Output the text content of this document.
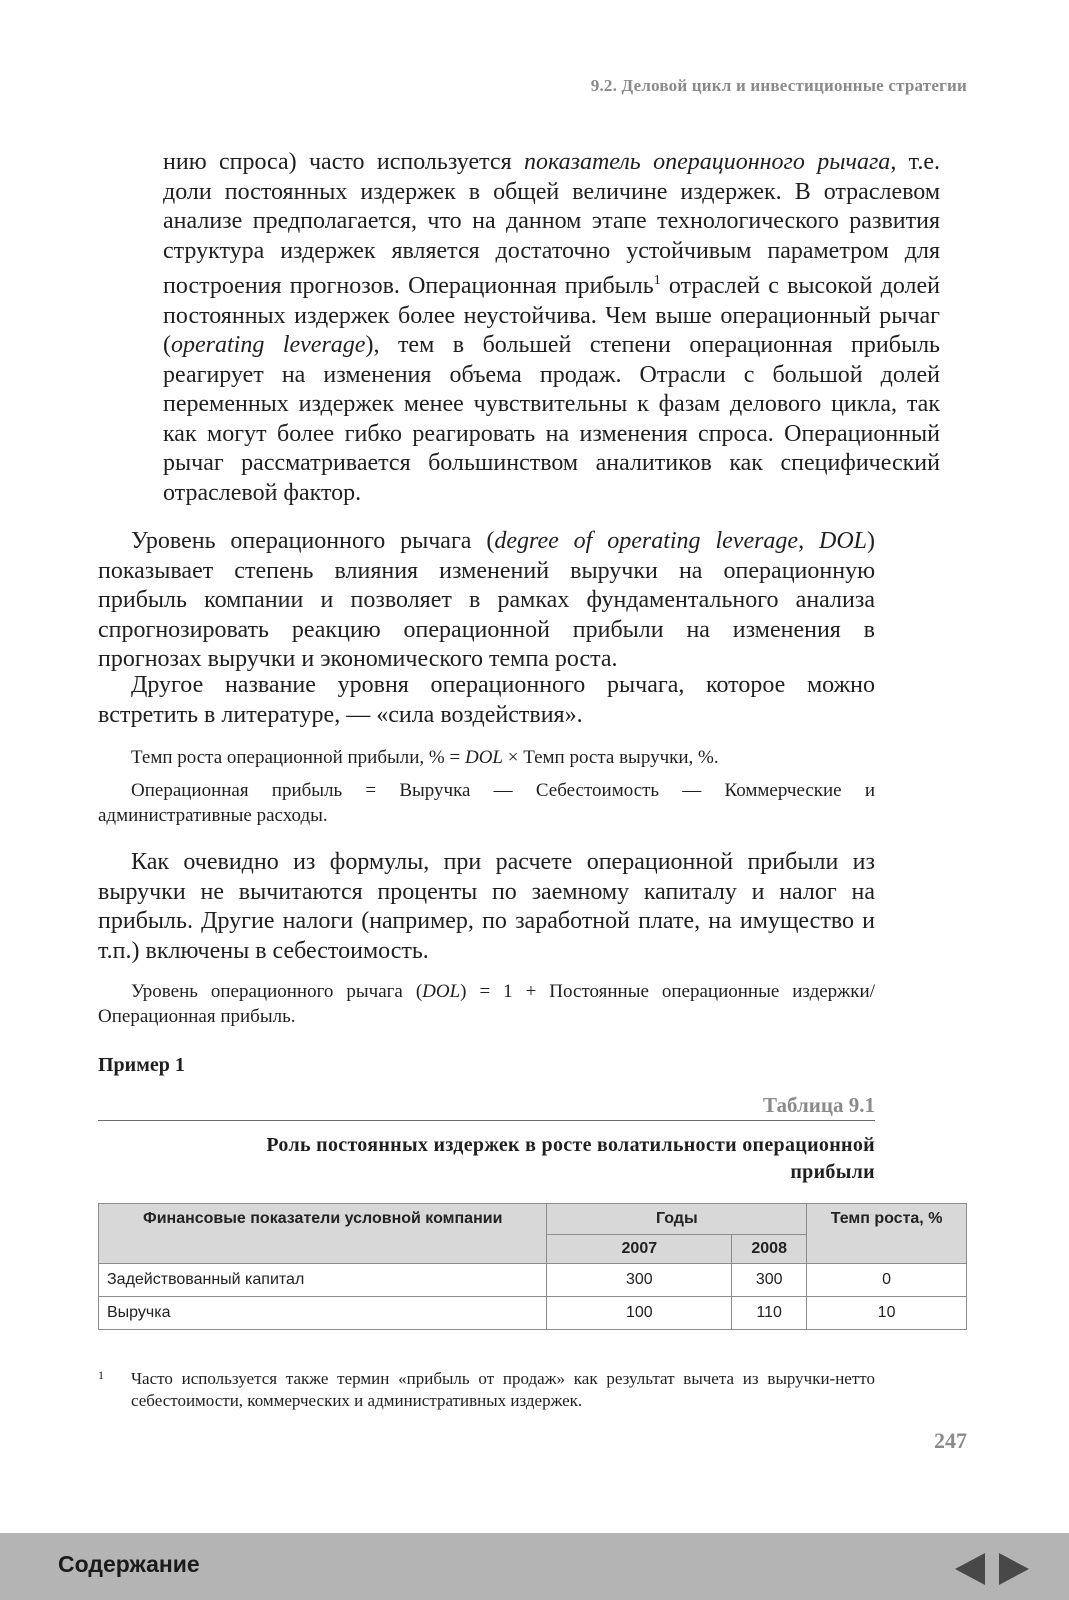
9.2. Деловой цикл и инвестиционные стратегии

нию спроса) часто используется показатель операционного рычага, т.е. доли постоянных издержек в общей величине издержек. В отраслевом анализе предполагается, что на данном этапе технологического развития структура издержек является достаточно устойчивым параметром для построения прогнозов. Операционная прибыль$^1$ отраслей с высокой долей постоянных издержек более неустойчива. Чем выше операционный рычаг (operating leverage), тем в большей степени операционная прибыль реагирует на изменения объема продаж. Отрасли с большой долей переменных издержек менее чувствительны к фазам делового цикла, так как могут более гибко реагировать на изменения спроса. Операционный рычаг рассматривается большинством аналитиков как специфический отраслевой фактор.

Уровень операционного рычага (degree of operating leverage, DOL) показывает степень влияния изменений выручки на операционную прибыль компании и позволяет в рамках фундаментального анализа спрогнозировать реакцию операционной прибыли на изменения в прогнозах выручки и экономического темпа роста.

Другое название уровня операционного рычага, которое можно встретить в литературе, — «сила воздействия».

Темп роста операционной прибыли, % = DOL × Темп роста выручки, %.
Операционная прибыль = Выручка — Себестоимость — Коммерческие и административные расходы.

Как очевидно из формулы, при расчете операционной прибыли из выручки не вычитаются проценты по заемному капиталу и налог на прибыль. Другие налоги (например, по заработной плате, на имущество и т.п.) включены в себестоимость.

Уровень операционного рычага (DOL) = 1 + Постоянные операционные издержки/Операционная прибыль.
Пример 1
Таблица 9.1
Роль постоянных издержек в росте волатильности операционной
прибыли
Финансовые показатели условной компании	Годы		Темп роста, %
	2007	2008	
Задействованный капитал	300	300	0
Выручка	100	110	10
1	Часто используется также термин «прибыль от продаж» как результат вычета из выручки-нетто себестоимости, коммерческих и административных издержек.
247
Содержание
